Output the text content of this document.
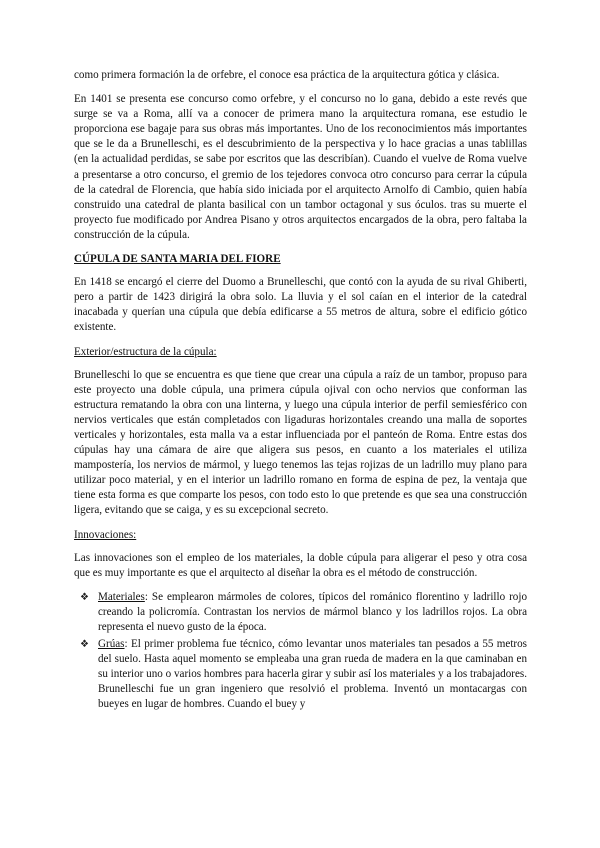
como primera formación la de orfebre, el conoce esa práctica de la arquitectura gótica y clásica.

En 1401 se presenta ese concurso como orfebre, y el concurso no lo gana, debido a este revés que surge se va a Roma, allí va a conocer de primera mano la arquitectura romana, ese estudio le proporciona ese bagaje para sus obras más importantes. Uno de los reconocimientos más importantes que se le da a Brunelleschi, es el descubrimiento de la perspectiva y lo hace gracias a unas tablillas (en la actualidad perdidas, se sabe por escritos que las describían). Cuando el vuelve de Roma vuelve a presentarse a otro concurso, el gremio de los tejedores convoca otro concurso para cerrar la cúpula de la catedral de Florencia, que había sido iniciada por el arquitecto Arnolfo di Cambio, quien había construido una catedral de planta basilical con un tambor octagonal y sus óculos. tras su muerte el proyecto fue modificado por Andrea Pisano y otros arquitectos encargados de la obra, pero faltaba la construcción de la cúpula.

CÚPULA DE SANTA MARIA DEL FIORE

En 1418 se encargó el cierre del Duomo a Brunelleschi, que contó con la ayuda de su rival Ghiberti, pero a partir de 1423 dirigirá la obra solo. La lluvia y el sol caían en el interior de la catedral inacabada y querían una cúpula que debía edificarse a 55 metros de altura, sobre el edificio gótico existente.

Exterior/estructura de la cúpula:

Brunelleschi lo que se encuentra es que tiene que crear una cúpula a raíz de un tambor, propuso para este proyecto una doble cúpula, una primera cúpula ojival con ocho nervios que conforman las estructura rematando la obra con una linterna, y luego una cúpula interior de perfil semiesférico con nervios verticales que están completados con ligaduras horizontales creando una malla de soportes verticales y horizontales, esta malla va a estar influenciada por el panteón de Roma. Entre estas dos cúpulas hay una cámara de aire que aligera sus pesos, en cuanto a los materiales el utiliza mampostería, los nervios de mármol, y luego tenemos las tejas rojizas de un ladrillo muy plano para utilizar poco material, y en el interior un ladrillo romano en forma de espina de pez, la ventaja que tiene esta forma es que comparte los pesos, con todo esto lo que pretende es que sea una construcción ligera, evitando que se caiga, y es su excepcional secreto.

Innovaciones:

Las innovaciones son el empleo de los materiales, la doble cúpula para aligerar el peso y otra cosa que es muy importante es que el arquitecto al diseñar la obra es el método de construcción.

❖ Materiales: Se emplearon mármoles de colores, típicos del románico florentino y ladrillo rojo creando la policromía. Contrastan los nervios de mármol blanco y los ladrillos rojos. La obra representa el nuevo gusto de la época.
❖ Grúas: El primer problema fue técnico, cómo levantar unos materiales tan pesados a 55 metros del suelo. Hasta aquel momento se empleaba una gran rueda de madera en la que caminaban en su interior uno o varios hombres para hacerla girar y subir así los materiales y a los trabajadores. Brunelleschi fue un gran ingeniero que resolvió el problema. Inventó un montacargas con bueyes en lugar de hombres. Cuando el buey y
